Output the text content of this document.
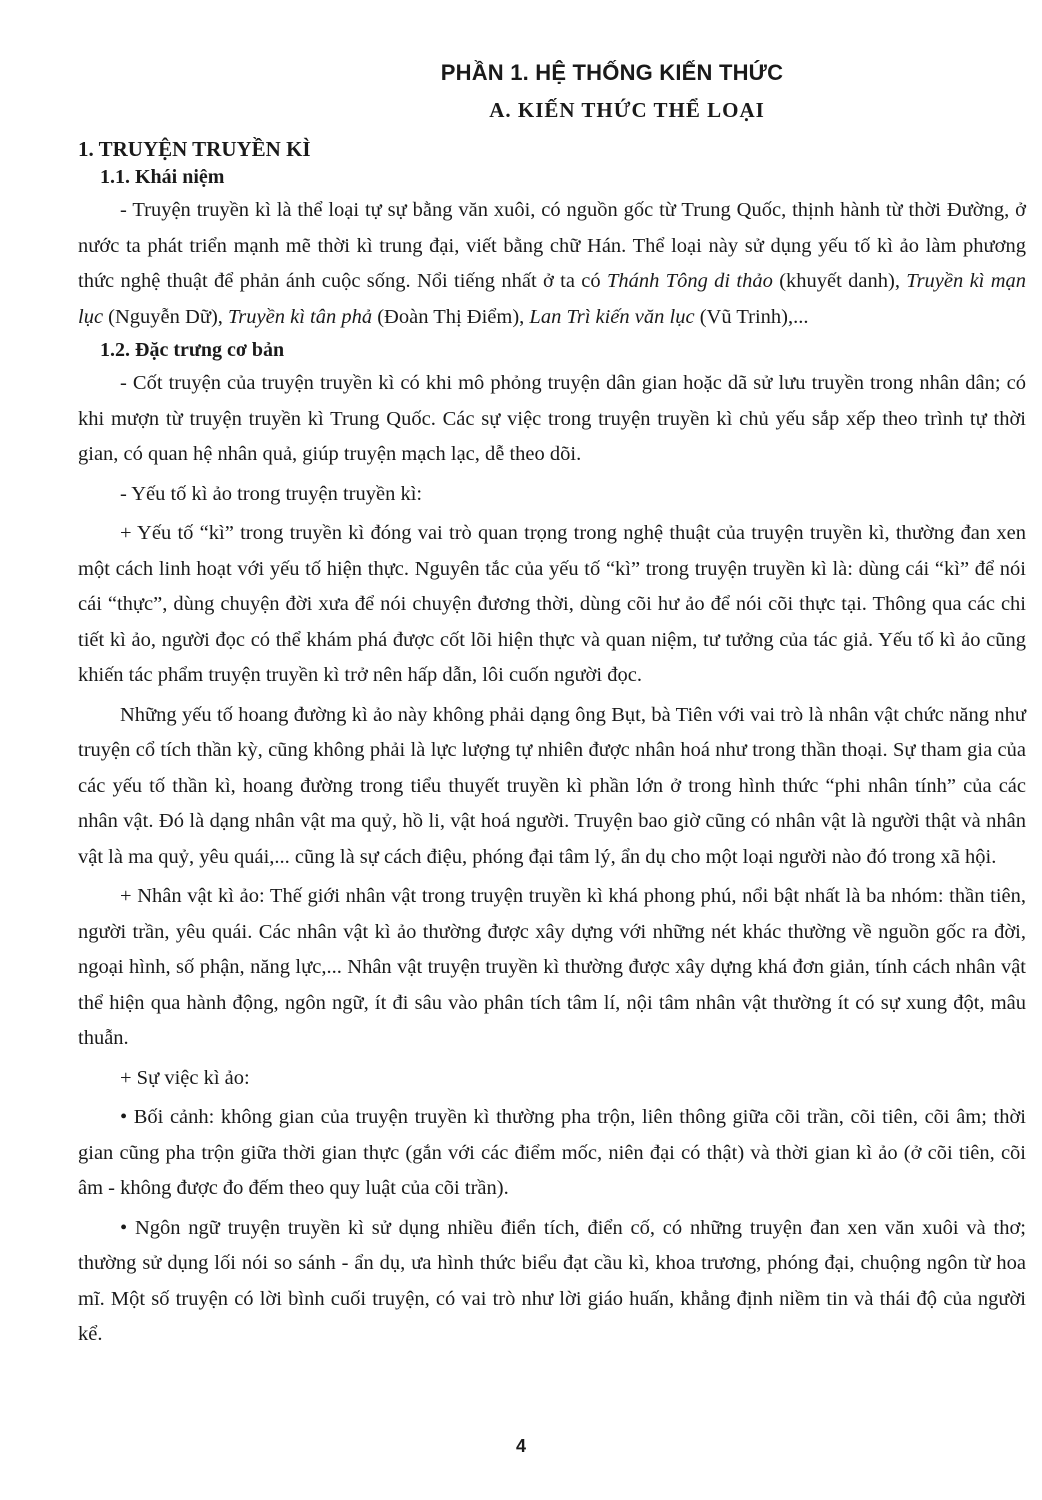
PHẦN 1. HỆ THỐNG KIẾN THỨC
A. KIẾN THỨC THỂ LOẠI
1. TRUYỆN TRUYỀN KÌ
1.1. Khái niệm

- Truyện truyền kì là thể loại tự sự bằng văn xuôi, có nguồn gốc từ Trung Quốc, thịnh hành từ thời Đường, ở nước ta phát triển mạnh mẽ thời kì trung đại, viết bằng chữ Hán. Thể loại này sử dụng yếu tố kì ảo làm phương thức nghệ thuật để phản ánh cuộc sống. Nổi tiếng nhất ở ta có Thánh Tông di thảo (khuyết danh), Truyền kì mạn lục (Nguyễn Dữ), Truyền kì tân phả (Đoàn Thị Điểm), Lan Trì kiến văn lục (Vũ Trinh),...

1.2. Đặc trưng cơ bản

- Cốt truyện của truyện truyền kì có khi mô phỏng truyện dân gian hoặc dã sử lưu truyền trong nhân dân; có khi mượn từ truyện truyền kì Trung Quốc. Các sự việc trong truyện truyền kì chủ yếu sắp xếp theo trình tự thời gian, có quan hệ nhân quả, giúp truyện mạch lạc, dễ theo dõi.

- Yếu tố kì ảo trong truyện truyền kì:

+ Yếu tố “kì” trong truyền kì đóng vai trò quan trọng trong nghệ thuật của truyện truyền kì, thường đan xen một cách linh hoạt với yếu tố hiện thực. Nguyên tắc của yếu tố “kì” trong truyện truyền kì là: dùng cái “kì” để nói cái “thực”, dùng chuyện đời xưa để nói chuyện đương thời, dùng cõi hư ảo để nói cõi thực tại. Thông qua các chi tiết kì ảo, người đọc có thể khám phá được cốt lõi hiện thực và quan niệm, tư tưởng của tác giả. Yếu tố kì ảo cũng khiến tác phẩm truyện truyền kì trở nên hấp dẫn, lôi cuốn người đọc.

Những yếu tố hoang đường kì ảo này không phải dạng ông Bụt, bà Tiên với vai trò là nhân vật chức năng như truyện cổ tích thần kỳ, cũng không phải là lực lượng tự nhiên được nhân hoá như trong thần thoại. Sự tham gia của các yếu tố thần kì, hoang đường trong tiểu thuyết truyền kì phần lớn ở trong hình thức “phi nhân tính” của các nhân vật. Đó là dạng nhân vật ma quỷ, hồ li, vật hoá người. Truyện bao giờ cũng có nhân vật là người thật và nhân vật là ma quỷ, yêu quái,... cũng là sự cách điệu, phóng đại tâm lý, ẩn dụ cho một loại người nào đó trong xã hội.

+ Nhân vật kì ảo: Thế giới nhân vật trong truyện truyền kì khá phong phú, nổi bật nhất là ba nhóm: thần tiên, người trần, yêu quái. Các nhân vật kì ảo thường được xây dựng với những nét khác thường về nguồn gốc ra đời, ngoại hình, số phận, năng lực,... Nhân vật truyện truyền kì thường được xây dựng khá đơn giản, tính cách nhân vật thể hiện qua hành động, ngôn ngữ, ít đi sâu vào phân tích tâm lí, nội tâm nhân vật thường ít có sự xung đột, mâu thuẫn.

+ Sự việc kì ảo:

• Bối cảnh: không gian của truyện truyền kì thường pha trộn, liên thông giữa cõi trần, cõi tiên, cõi âm; thời gian cũng pha trộn giữa thời gian thực (gắn với các điểm mốc, niên đại có thật) và thời gian kì ảo (ở cõi tiên, cõi âm - không được đo đếm theo quy luật của cõi trần).

• Ngôn ngữ truyện truyền kì sử dụng nhiều điển tích, điển cố, có những truyện đan xen văn xuôi và thơ; thường sử dụng lối nói so sánh - ẩn dụ, ưa hình thức biểu đạt cầu kì, khoa trương, phóng đại, chuộng ngôn từ hoa mĩ. Một số truyện có lời bình cuối truyện, có vai trò như lời giáo huấn, khẳng định niềm tin và thái độ của người kể.

4
